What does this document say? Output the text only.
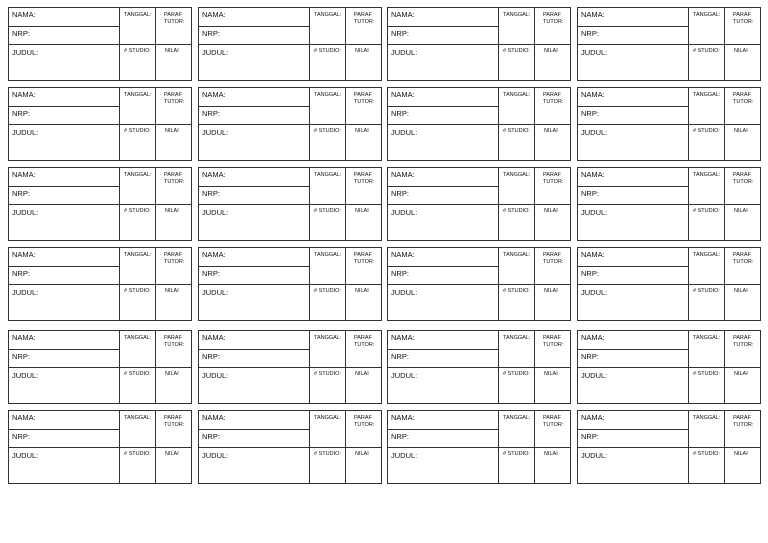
NAMA:
NRP:
JUDUL:
TANGGAL: PARAF
TUTOR:
# STUDIO:	NILAI
NAMA:
NRP:
JUDUL:
TANGGAL: PARAF
TUTOR:
# STUDIO:	NILAI
NAMA:
NRP:
JUDUL:
TANGGAL: PARAF
TUTOR:
# STUDIO:	NILAI
NAMA:
NRP:
JUDUL:
TANGGAL: PARAF
TUTOR:
# STUDIO:	NILAI
NAMA:
NRP:
JUDUL:
TANGGAL: PARAF
TUTOR:
# STUDIO:	NILAI
NAMA:
NRP:
JUDUL:
TANGGAL: PARAF
TUTOR:
# STUDIO:	NILAI
NAMA:
NRP:
JUDUL:
TANGGAL: PARAF
TUTOR:
# STUDIO:	NILAI
NAMA:
NRP:
JUDUL:
TANGGAL: PARAF
TUTOR:
# STUDIO:	NILAI
NAMA:
NRP:
JUDUL:
TANGGAL: PARAF
TUTOR:
# STUDIO:	NILAI
NAMA:
NRP:
JUDUL:
TANGGAL: PARAF
TUTOR:
# STUDIO:	NILAI
NAMA:
NRP:
JUDUL:
TANGGAL: PARAF
TUTOR:
# STUDIO:	NILAI
NAMA:
NRP:
JUDUL:
TANGGAL: PARAF
TUTOR:
# STUDIO:	NILAI
NAMA:
NRP:
JUDUL:
TANGGAL: PARAF
TUTOR:
# STUDIO:	NILAI
NAMA:
NRP:
JUDUL:
TANGGAL: PARAF
TUTOR:
# STUDIO:	NILAI
NAMA:
NRP:
JUDUL:
TANGGAL: PARAF
TUTOR:
# STUDIO:	NILAI
NAMA:
NRP:
JUDUL:
TANGGAL: PARAF
TUTOR:
# STUDIO:	NILAI
NAMA:
NRP:
JUDUL:
TANGGAL: PARAF
TUTOR:
# STUDIO:	NILAI
NAMA:
NRP:
JUDUL:
TANGGAL: PARAF
TUTOR:
# STUDIO:	NILAI
NAMA:
NRP:
JUDUL:
TANGGAL: PARAF
TUTOR:
# STUDIO:	NILAI
NAMA:
NRP:
JUDUL:
TANGGAL: PARAF
TUTOR:
# STUDIO:	NILAI
NAMA:
NRP:
JUDUL:
TANGGAL: PARAF
TUTOR:
# STUDIO:	NILAI
NAMA:
NRP:
JUDUL:
TANGGAL: PARAF
TUTOR:
# STUDIO:	NILAI
NAMA:
NRP:
JUDUL:
TANGGAL: PARAF
TUTOR:
# STUDIO:	NILAI
NAMA:
NRP:
JUDUL:
TANGGAL: PARAF
TUTOR:
# STUDIO:	NILAI
